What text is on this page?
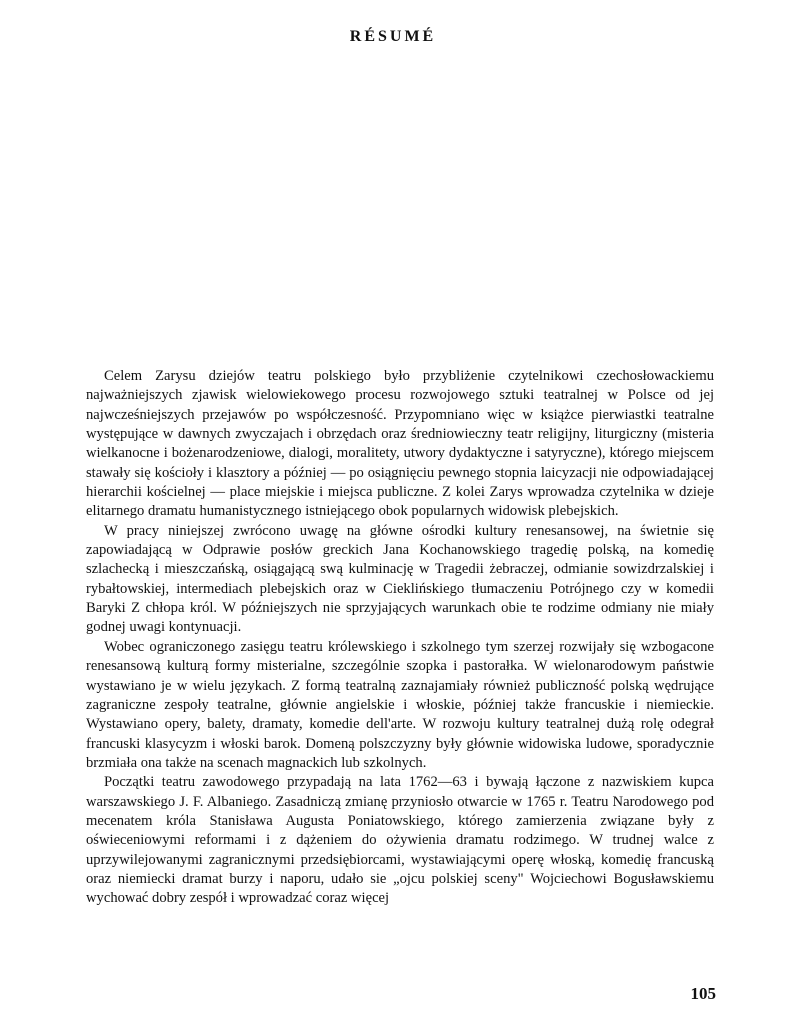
RÉSUMÉ

Celem Zarysu dziejów teatru polskiego było przybliżenie czytelnikowi czechosłowackiemu najważniejszych zjawisk wielowiekowego procesu rozwojowego sztuki teatralnej w Polsce od jej najwcześniejszych przejawów po współczesność. Przypomniano więc w książce pierwiastki teatralne występujące w dawnych zwyczajach i obrzędach oraz średniowieczny teatr religijny, liturgiczny (misteria wielkanocne i bożenarodzeniowe, dialogi, moralitety, utwory dydaktyczne i satyryczne), którego miejscem stawały się kościoły i klasztory a później — po osiągnięciu pewnego stopnia laicyzacji nie odpowiadającej hierarchii kościelnej — place miejskie i miejsca publiczne. Z kolei Zarys wprowadza czytelnika w dzieje elitarnego dramatu humanistycznego istniejącego obok popularnych widowisk plebejskich.

W pracy niniejszej zwrócono uwagę na główne ośrodki kultury renesansowej, na świetnie się zapowiadającą w Odprawie posłów greckich Jana Kochanowskiego tragedię polską, na komedię szlachecką i mieszczańską, osiągającą swą kulminację w Tragedii żebraczej, odmianie sowizdrzalskiej i rybałtowskiej, intermediach plebejskich oraz w Cieklińskiego tłumaczeniu Potrójnego czy w komedii Baryki Z chłopa król. W późniejszych nie sprzyjających warunkach obie te rodzime odmiany nie miały godnej uwagi kontynuacji.

Wobec ograniczonego zasięgu teatru królewskiego i szkolnego tym szerzej rozwijały się wzbogacone renesansową kulturą formy misterialne, szczególnie szopka i pastorałka. W wielonarodowym państwie wystawiano je w wielu językach. Z formą teatralną zaznajamiały również publiczność polską wędrujące zagraniczne zespoły teatralne, głównie angielskie i włoskie, później także francuskie i niemieckie. Wystawiano opery, balety, dramaty, komedie dell'arte. W rozwoju kultury teatralnej dużą rolę odegrał francuski klasycyzm i włoski barok. Domeną polszczyzny były głównie widowiska ludowe, sporadycznie brzmiała ona także na scenach magnackich lub szkolnych.

Początki teatru zawodowego przypadają na lata 1762—63 i bywają łączone z nazwiskiem kupca warszawskiego J. F. Albaniego. Zasadniczą zmianę przyniosło otwarcie w 1765 r. Teatru Narodowego pod mecenatem króla Stanisława Augusta Poniatowskiego, którego zamierzenia związane były z oświeceniowymi reformami i z dążeniem do ożywienia dramatu rodzimego. W trudnej walce z uprzywilejowanymi zagranicznymi przedsiębiorcami, wystawiającymi operę włoską, komedię francuską oraz niemiecki dramat burzy i naporu, udało sie „ojcu polskiej sceny" Wojciechowi Bogusławskiemu wychować dobry zespół i wprowadzać coraz więcej

105
